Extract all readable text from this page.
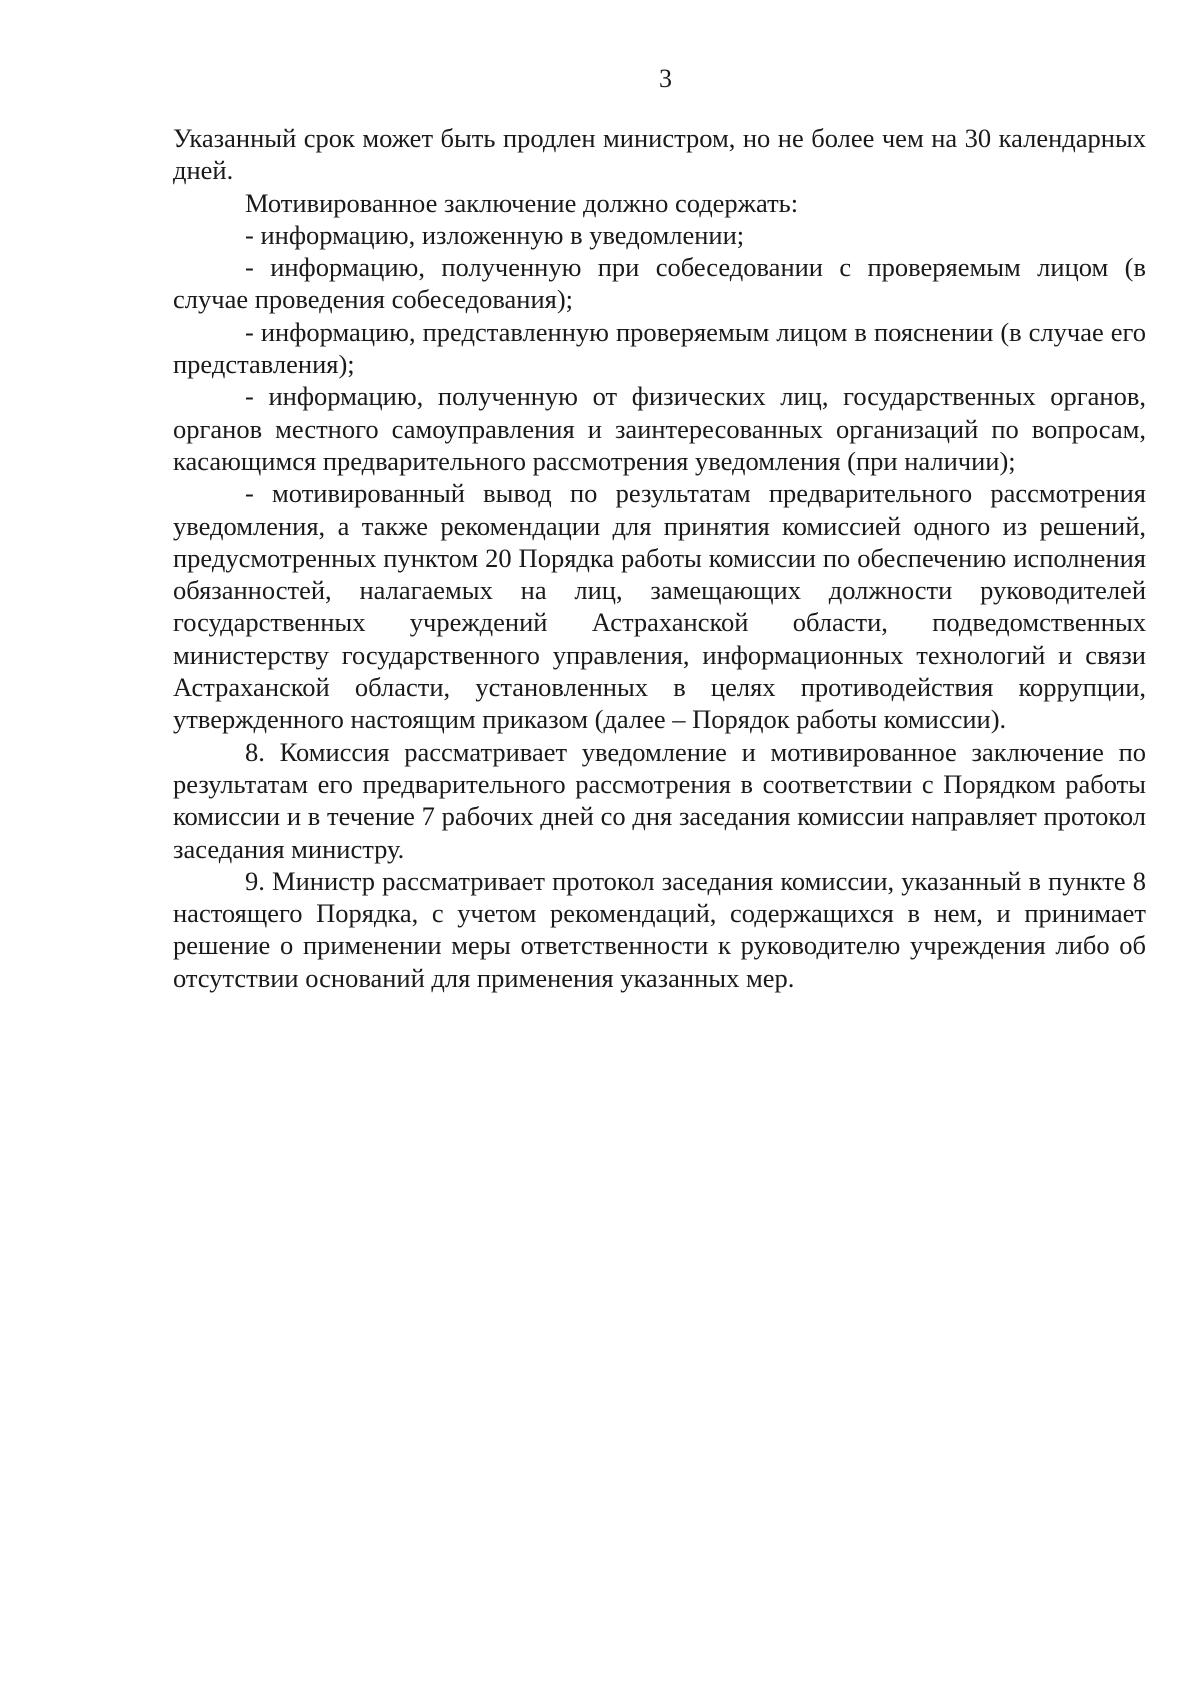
3

Указанный срок может быть продлен министром, но не более чем на 30 календарных дней.

Мотивированное заключение должно содержать:

- информацию, изложенную в уведомлении;

- информацию, полученную при собеседовании с проверяемым лицом (в случае проведения собеседования);

- информацию, представленную проверяемым лицом в пояснении (в случае его представления);

- информацию, полученную от физических лиц, государственных органов, органов местного самоуправления и заинтересованных организаций по вопросам, касающимся предварительного рассмотрения уведомления (при наличии);

- мотивированный вывод по результатам предварительного рассмотрения уведомления, а также рекомендации для принятия комиссией одного из решений, предусмотренных пунктом 20 Порядка работы комиссии по обеспечению исполнения обязанностей, налагаемых на лиц, замещающих должности руководителей государственных учреждений Астраханской области, подведомственных министерству государственного управления, информационных технологий и связи Астраханской области, установленных в целях противодействия коррупции, утвержденного настоящим приказом (далее – Порядок работы комиссии).

8. Комиссия рассматривает уведомление и мотивированное заключение по результатам его предварительного рассмотрения в соответствии с Порядком работы комиссии и в течение 7 рабочих дней со дня заседания комиссии направляет протокол заседания министру.

9. Министр рассматривает протокол заседания комиссии, указанный в пункте 8 настоящего Порядка, с учетом рекомендаций, содержащихся в нем, и принимает решение о применении меры ответственности к руководителю учреждения либо об отсутствии оснований для применения указанных мер.
